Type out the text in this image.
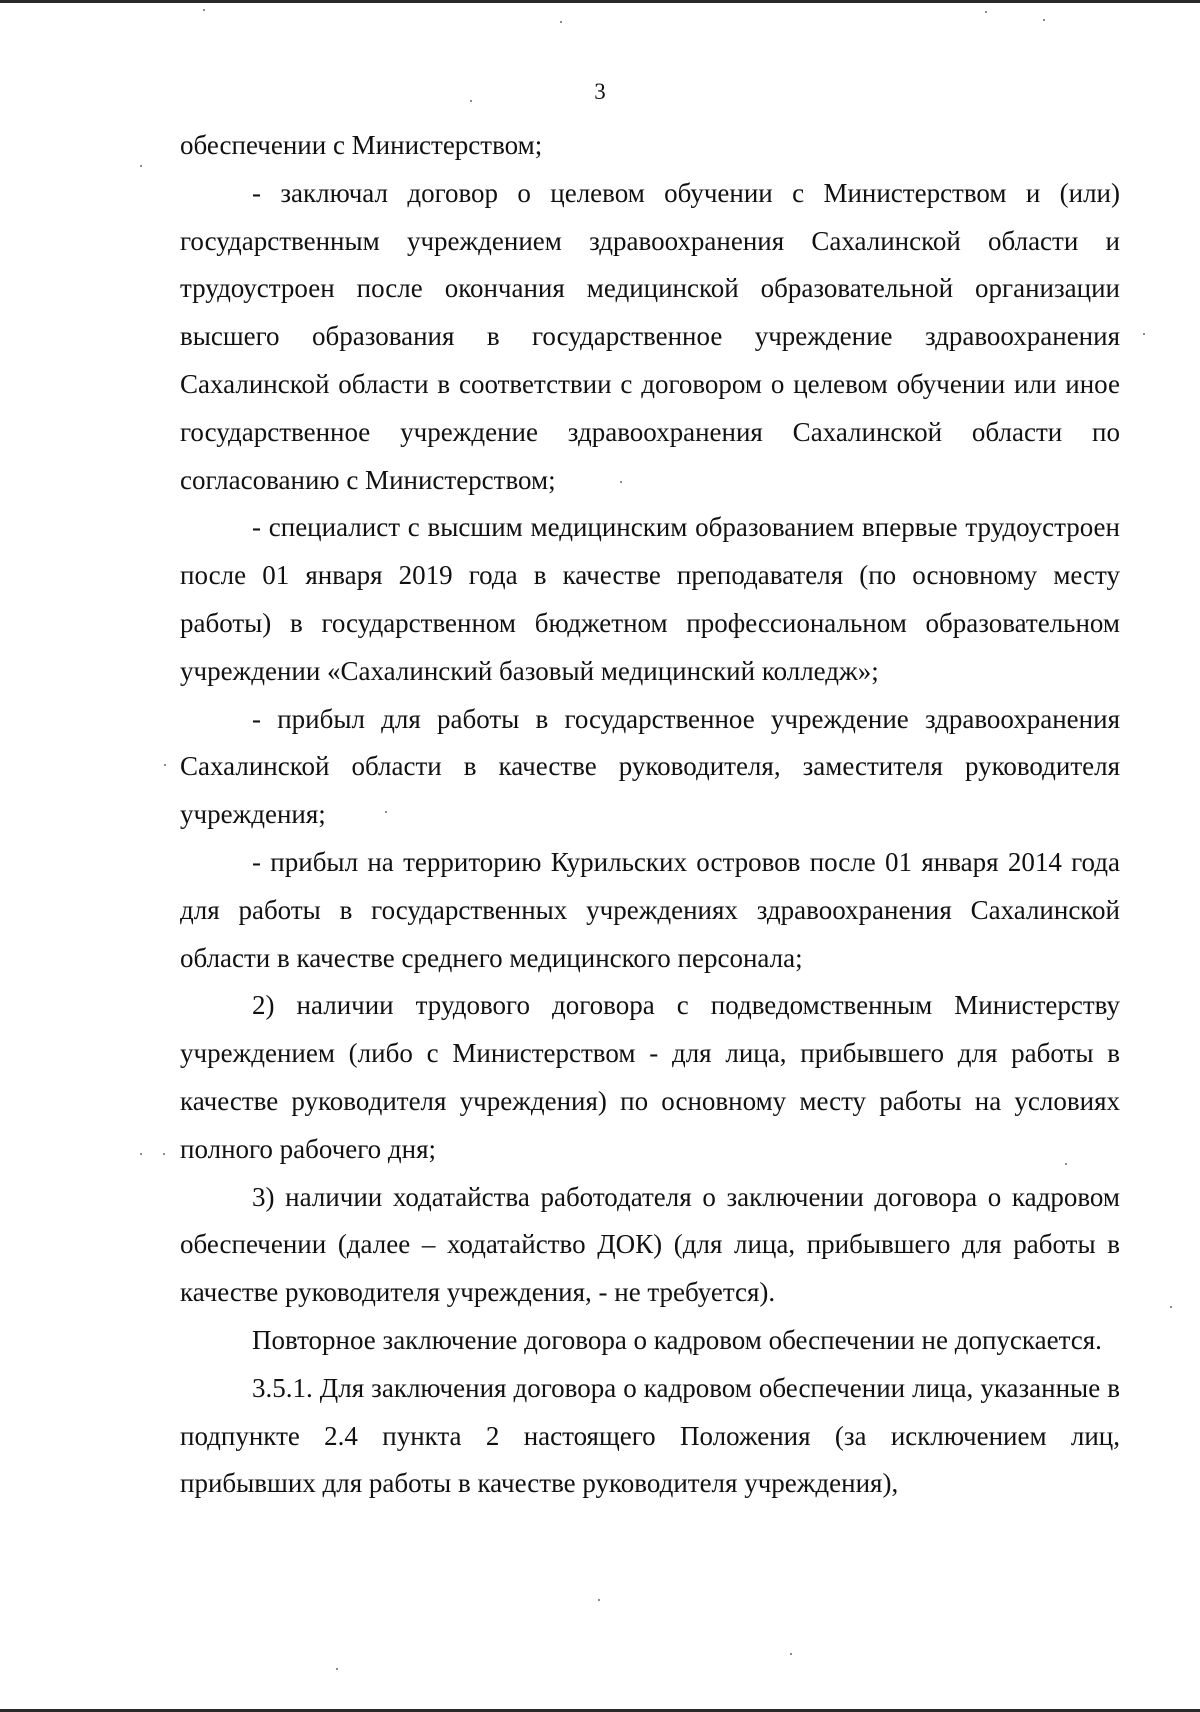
3

обеспечении с Министерством;

- заключал договор о целевом обучении с Министерством и (или) государственным учреждением здравоохранения Сахалинской области и трудоустроен после окончания медицинской образовательной организации высшего образования в государственное учреждение здравоохранения Сахалинской области в соответствии с договором о целевом обучении или иное государственное учреждение здравоохранения Сахалинской области по согласованию с Министерством;

- специалист с высшим медицинским образованием впервые трудоустроен после 01 января 2019 года в качестве преподавателя (по основному месту работы) в государственном бюджетном профессиональном образовательном учреждении «Сахалинский базовый медицинский колледж»;

- прибыл для работы в государственное учреждение здравоохранения Сахалинской области в качестве руководителя, заместителя руководителя учреждения;

- прибыл на территорию Курильских островов после 01 января 2014 года для работы в государственных учреждениях здравоохранения Сахалинской области в качестве среднего медицинского персонала;

2) наличии трудового договора с подведомственным Министерству учреждением (либо с Министерством - для лица, прибывшего для работы в качестве руководителя учреждения) по основному месту работы на условиях полного рабочего дня;

3) наличии ходатайства работодателя о заключении договора о кадровом обеспечении (далее – ходатайство ДОК) (для лица, прибывшего для работы в качестве руководителя учреждения, - не требуется).

Повторное заключение договора о кадровом обеспечении не допускается.

3.5.1. Для заключения договора о кадровом обеспечении лица, указанные в подпункте 2.4 пункта 2 настоящего Положения (за исключением лиц, прибывших для работы в качестве руководителя учреждения),
